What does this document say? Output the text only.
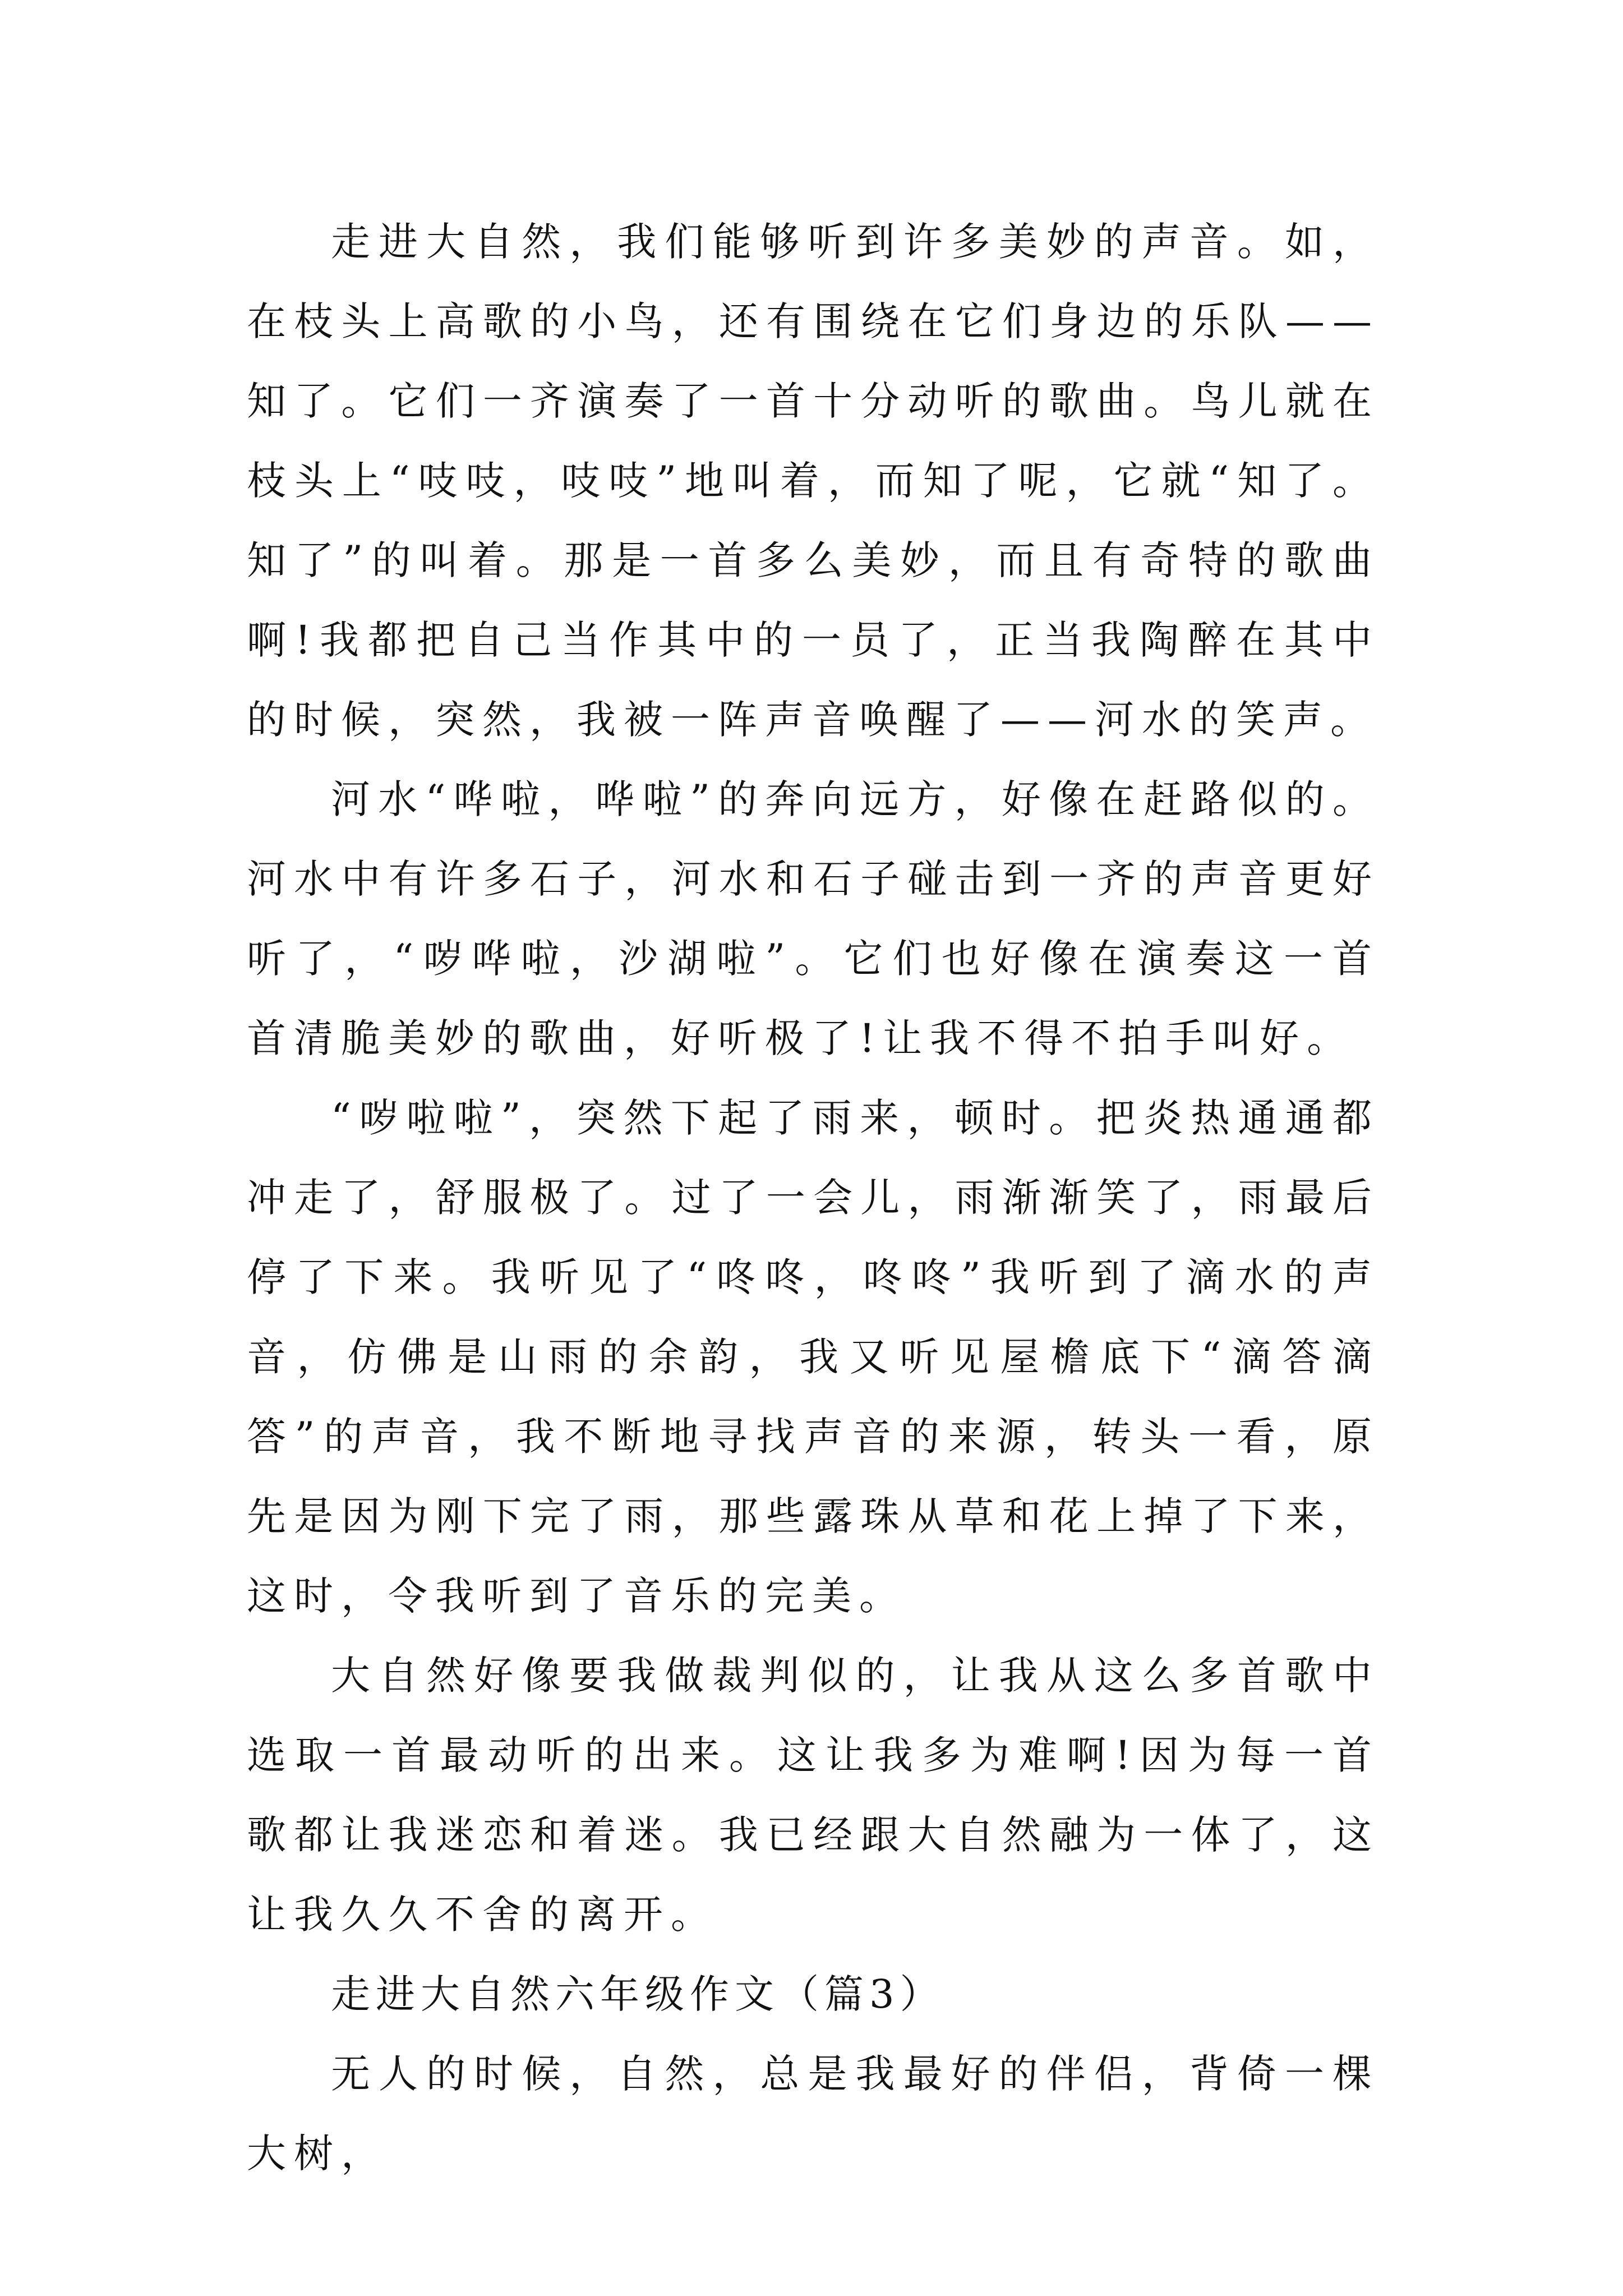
走进大自然，我们能够听到许多美妙的声音。如，在枝头上高歌的小鸟，还有围绕在它们身边的乐队——知了。它们一齐演奏了一首十分动听的歌曲。鸟儿就在枝头上“吱吱，吱吱”地叫着，而知了呢，它就“知了。知了”的叫着。那是一首多么美妙，而且有奇特的歌曲啊!我都把自己当作其中的一员了，正当我陶醉在其中的时候，突然，我被一阵声音唤醒了——河水的笑声。

河水“哗啦，哗啦”的奔向远方，好像在赶路似的。河水中有许多石子，河水和石子碰击到一齐的声音更好听了，“哕哗啦，沙湖啦”。它们也好像在演奏这一首首清脆美妙的歌曲，好听极了!让我不得不拍手叫好。

“哕啦啦”，突然下起了雨来，顿时。把炎热通通都冲走了，舒服极了。过了一会儿，雨渐渐笑了，雨最后停了下来。我听见了“咚咚，咚咚”我听到了滴水的声音，仿佛是山雨的余韵，我又听见屋檐底下“滴答滴答”的声音，我不断地寻找声音的来源，转头一看，原先是因为刚下完了雨，那些露珠从草和花上掉了下来，这时，令我听到了音乐的完美。

大自然好像要我做裁判似的，让我从这么多首歌中选取一首最动听的出来。这让我多为难啊!因为每一首歌都让我迷恋和着迷。我已经跟大自然融为一体了，这让我久久不舍的离开。

走进大自然六年级作文（篇3）

无人的时候，自然，总是我最好的伴侣，背倚一棵大树，
